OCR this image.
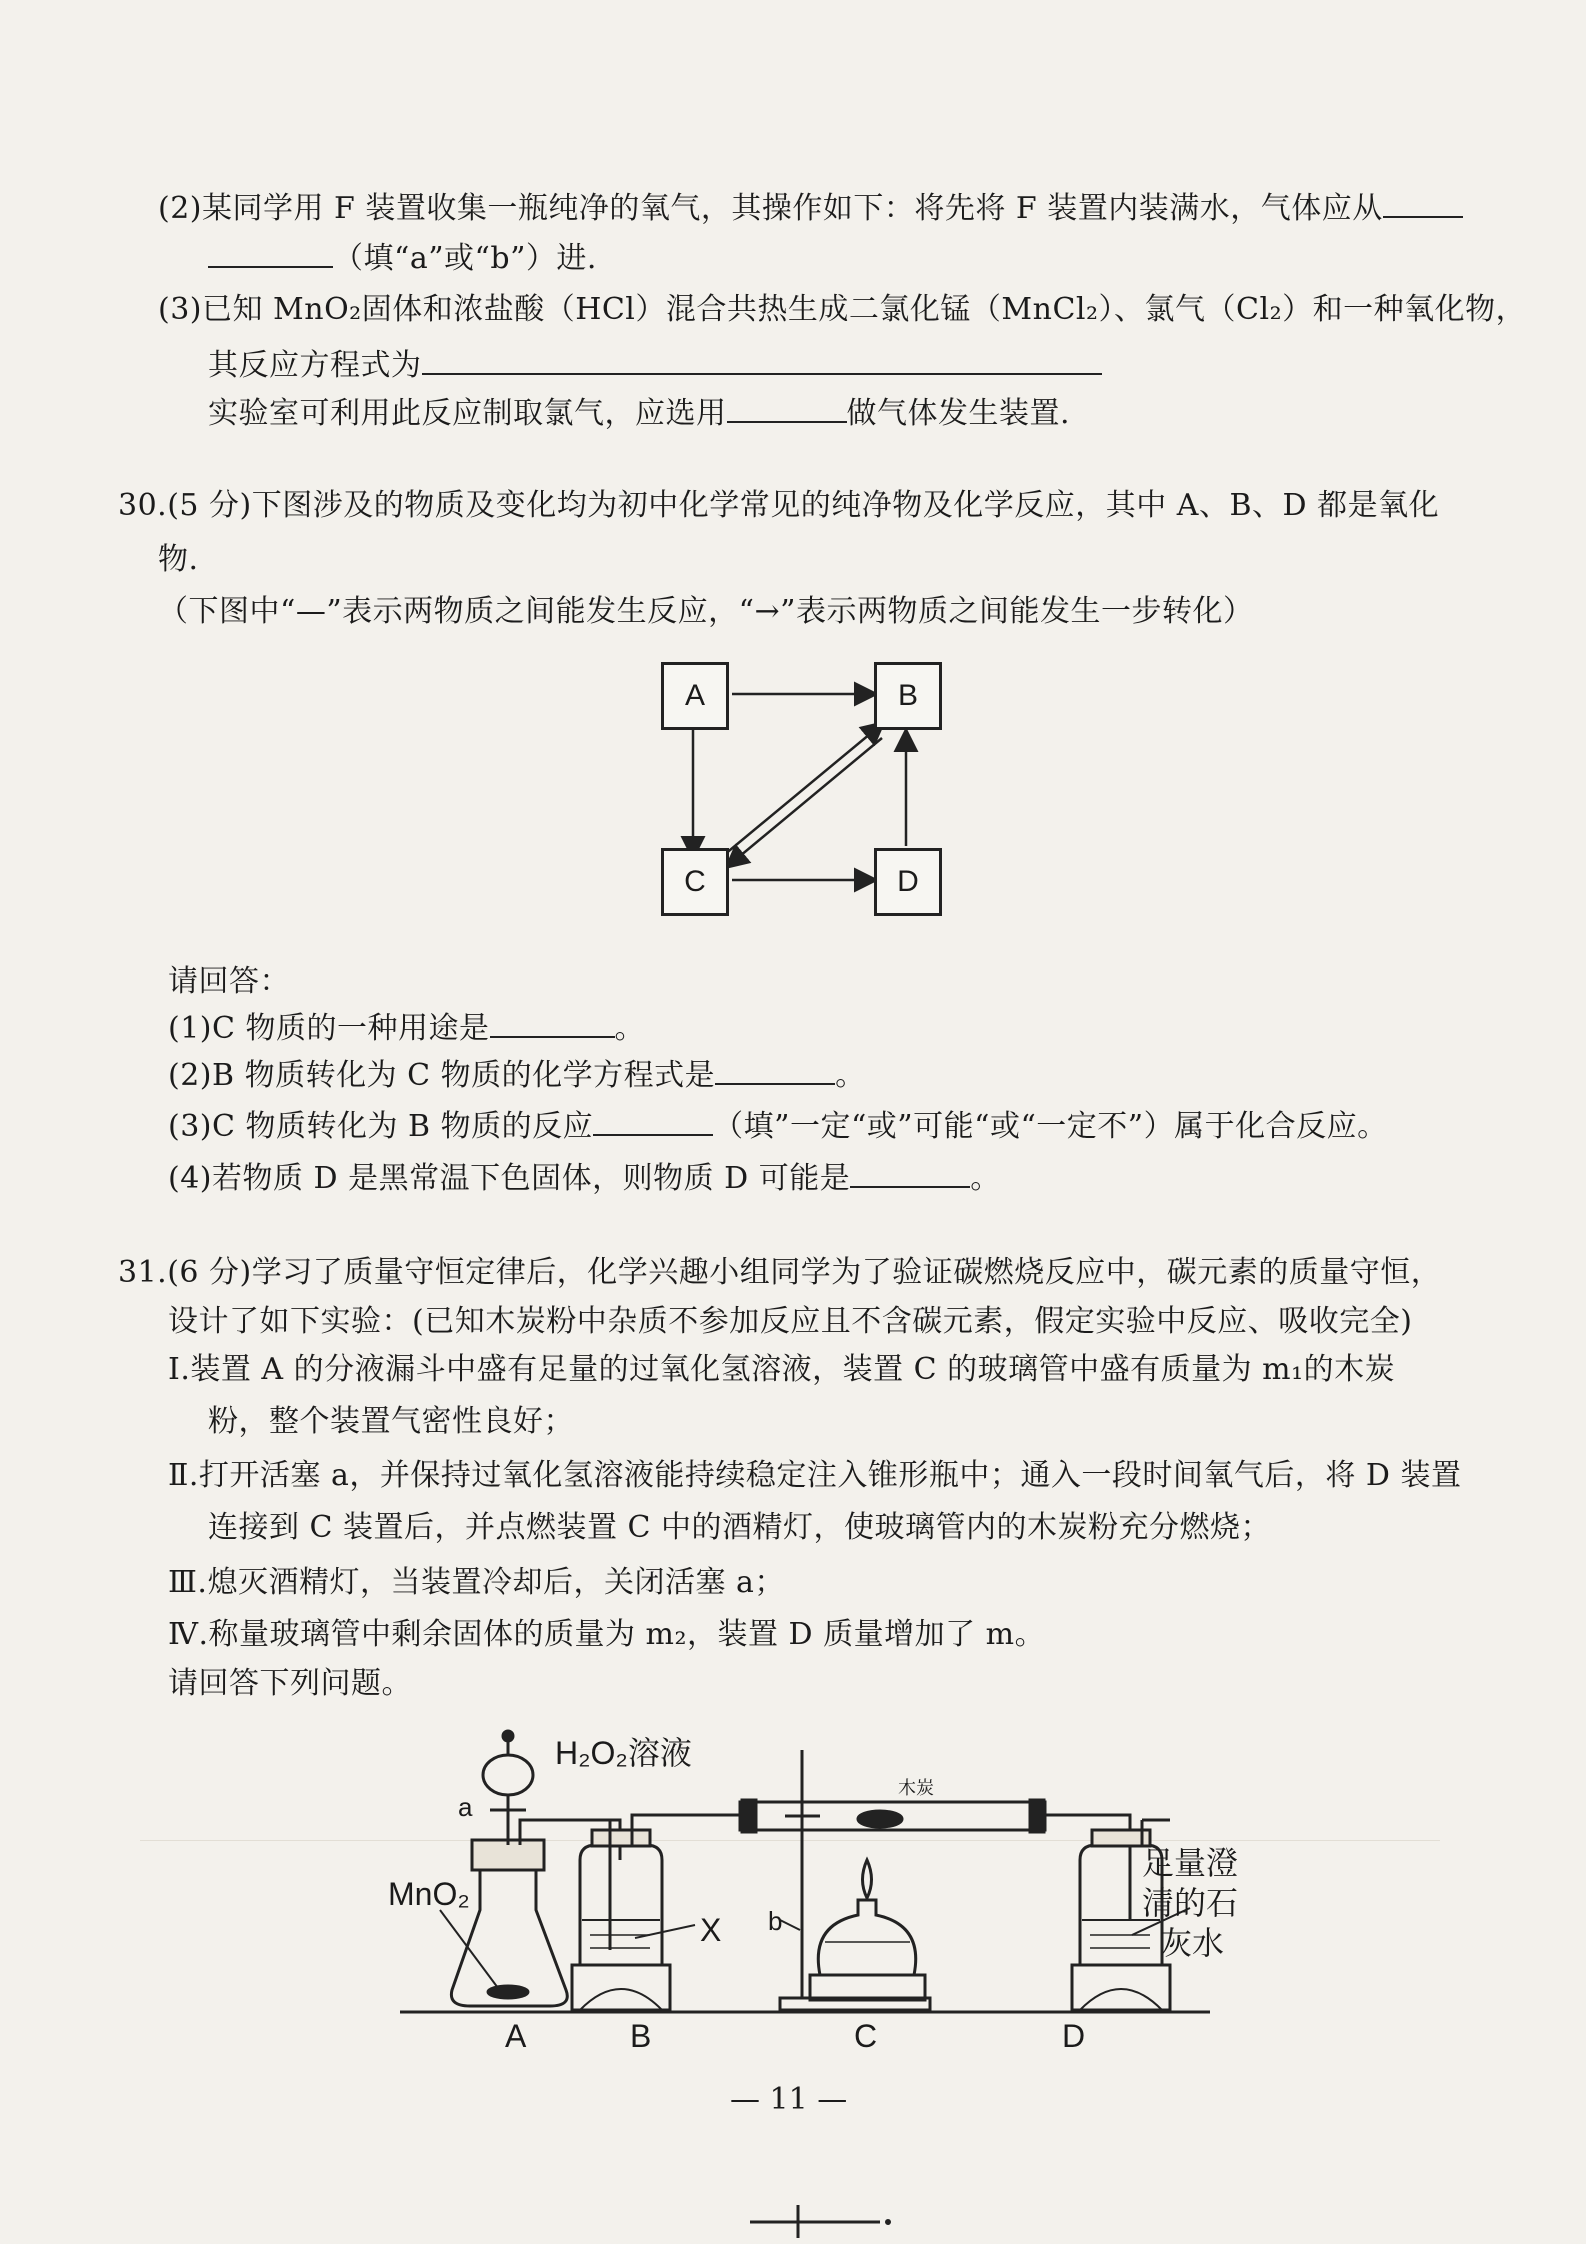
(2)某同学用 F 装置收集一瓶纯净的氧气，其操作如下：将先将 F 装置内装满水，气体应从
（填“a”或“b”）进.
(3)已知 MnO₂固体和浓盐酸（HCl）混合共热生成二氯化锰（MnCl₂）、氯气（Cl₂）和一种氧化物，
其反应方程式为
实验室可利用此反应制取氯气，应选用	做气体发生装置.
30.(5 分)下图涉及的物质及变化均为初中化学常见的纯净物及化学反应，其中 A、B、D 都是氧化
物.
（下图中“—”表示两物质之间能发生反应，“→”表示两物质之间能发生一步转化）
A	B
C	D
请回答：
(1)C 物质的一种用途是	。
(2)B 物质转化为 C 物质的化学方程式是	。
(3)C 物质转化为 B 物质的反应	（填”一定“或”可能“或“一定不”）属于化合反应。
(4)若物质 D 是黑常温下色固体，则物质 D 可能是	。
31.(6 分)学习了质量守恒定律后，化学兴趣小组同学为了验证碳燃烧反应中，碳元素的质量守恒，
设计了如下实验：(已知木炭粉中杂质不参加反应且不含碳元素，假定实验中反应、吸收完全)
Ⅰ.装置 A 的分液漏斗中盛有足量的过氧化氢溶液，装置 C 的玻璃管中盛有质量为 m₁的木炭
粉，整个装置气密性良好；
Ⅱ.打开活塞 a，并保持过氧化氢溶液能持续稳定注入锥形瓶中；通入一段时间氧气后，将 D 装置
连接到 C 装置后，并点燃装置 C 中的酒精灯，使玻璃管内的木炭粉充分燃烧；
Ⅲ.熄灭酒精灯，当装置冷却后，关闭活塞 a；
Ⅳ.称量玻璃管中剩余固体的质量为 m₂，装置 D 质量增加了 m。
请回答下列问题。
H₂O₂溶液
a
MnO₂
X
木炭
b
足量澄
清的石
灰水
A	B	C	D
— 11 —
